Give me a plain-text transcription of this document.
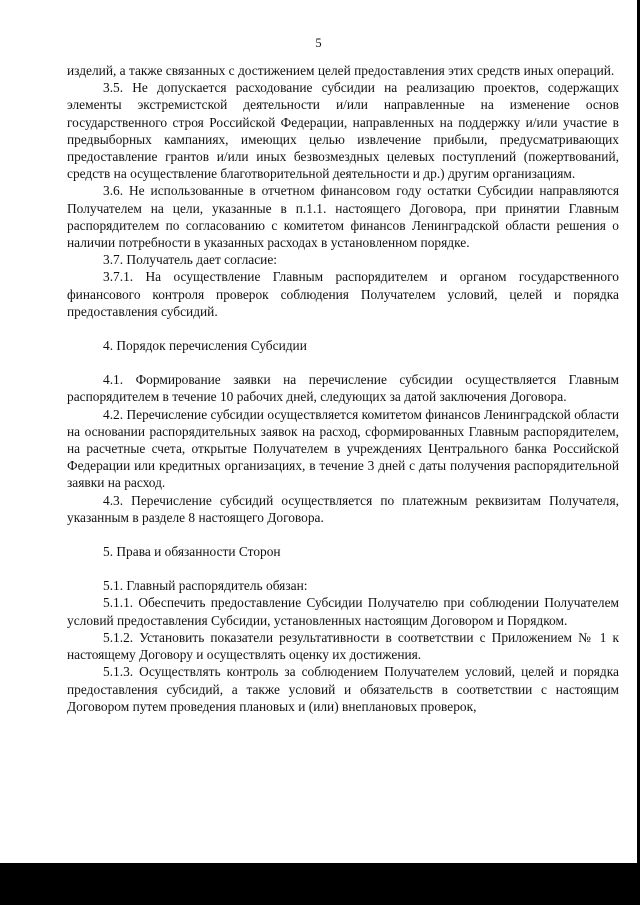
5

изделий, а также связанных с достижением целей предоставления этих средств иных операций.

3.5. Не допускается расходование субсидии на реализацию проектов, содержащих элементы экстремистской деятельности и/или направленные на изменение основ государственного строя Российской Федерации, направленных на поддержку и/или участие в предвыборных кампаниях, имеющих целью извлечение прибыли, предусматривающих предоставление грантов и/или иных безвозмездных целевых поступлений (пожертвований, средств на осуществление благотворительной деятельности и др.) другим организациям.

3.6. Не использованные в отчетном финансовом году остатки Субсидии направляются Получателем на цели, указанные в п.1.1. настоящего Договора, при принятии Главным распорядителем по согласованию с комитетом финансов Ленинградской области решения о наличии потребности в указанных расходах в установленном порядке.

3.7. Получатель дает согласие:

3.7.1. На осуществление Главным распорядителем и органом государственного финансового контроля проверок соблюдения Получателем условий, целей и порядка предоставления субсидий.

4. Порядок перечисления Субсидии

4.1. Формирование заявки на перечисление субсидии осуществляется Главным распорядителем в течение 10 рабочих дней, следующих за датой заключения Договора.

4.2. Перечисление субсидии осуществляется комитетом финансов Ленинградской области на основании распорядительных заявок на расход, сформированных Главным распорядителем, на расчетные счета, открытые Получателем в учреждениях Центрального банка Российской Федерации или кредитных организациях, в течение 3 дней с даты получения распорядительной заявки на расход.

4.3. Перечисление субсидий осуществляется по платежным реквизитам Получателя, указанным в разделе 8 настоящего Договора.

5. Права и обязанности Сторон

5.1. Главный распорядитель обязан:

5.1.1. Обеспечить предоставление Субсидии Получателю при соблюдении Получателем условий предоставления Субсидии, установленных настоящим Договором и Порядком.

5.1.2. Установить показатели результативности в соответствии с Приложением № 1 к настоящему Договору и осуществлять оценку их достижения.

5.1.3. Осуществлять контроль за соблюдением Получателем условий, целей и порядка предоставления субсидий, а также условий и обязательств в соответствии с настоящим Договором путем проведения плановых и (или) внеплановых проверок,
